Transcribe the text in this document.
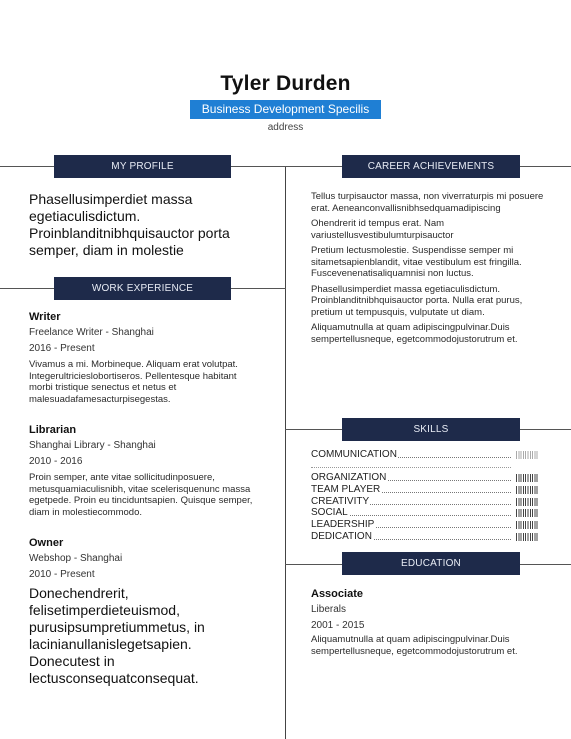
Tyler Durden
Business Development Specilis
address
MY PROFILE	CAREER ACHIEVEMENTS
WORK EXPERIENCE
SKILLS
EDUCATION
Phasellusimperdiet massa egetiaculisdictum. Proinblanditnibhquisauctor porta semper, diam in molestie
Writer
Freelance Writer - Shanghai
2016 - Present
Vivamus a mi. Morbineque. Aliquam erat volutpat. Integerultricieslobortiseros. Pellentesque habitant morbi tristique senectus et netus et malesuadafamesacturpisegestas.
Librarian
Shanghai Library - Shanghai
2010 - 2016
Proin semper, ante vitae sollicitudinposuere, metusquamiaculisnibh, vitae scelerisquenunc massa egetpede. Proin eu tinciduntsapien. Quisque semper, diam in molestiecommodo.
Owner
Webshop - Shanghai
2010 - Present
Donechendrerit, felisetimperdieteuismod, purusipsumpretiummetus, in lacinianullanislegetsapien. Donecutest in lectusconsequatconsequat.

Tellus turpisauctor massa, non viverraturpis mi posuere erat. Aeneanconvallisnibhsedquamadipiscing

Ohendrerit id tempus erat. Nam variustellusvestibulumturpisauctor

Pretium lectusmolestie. Suspendisse semper mi sitametsapienblandit, vitae vestibulum est fringilla. Fuscevenenatisaliquamnisi non luctus.

Phasellusimperdiet massa egetiaculisdictum. Proinblanditnibhquisauctor porta. Nulla erat purus, pretium ut tempusquis, vulputate ut diam.

Aliquamutnulla at quam adipiscingpulvinar.Duis sempertellusneque, egetcommodojustorutrum et.

COMMUNICATION
ORGANIZATION
TEAM PLAYER
CREATIVITY
SOCIAL
LEADERSHIP
DEDICATION
Associate
Liberals
2001 - 2015
Aliquamutnulla at quam adipiscingpulvinar.Duis sempertellusneque, egetcommodojustorutrum et.
